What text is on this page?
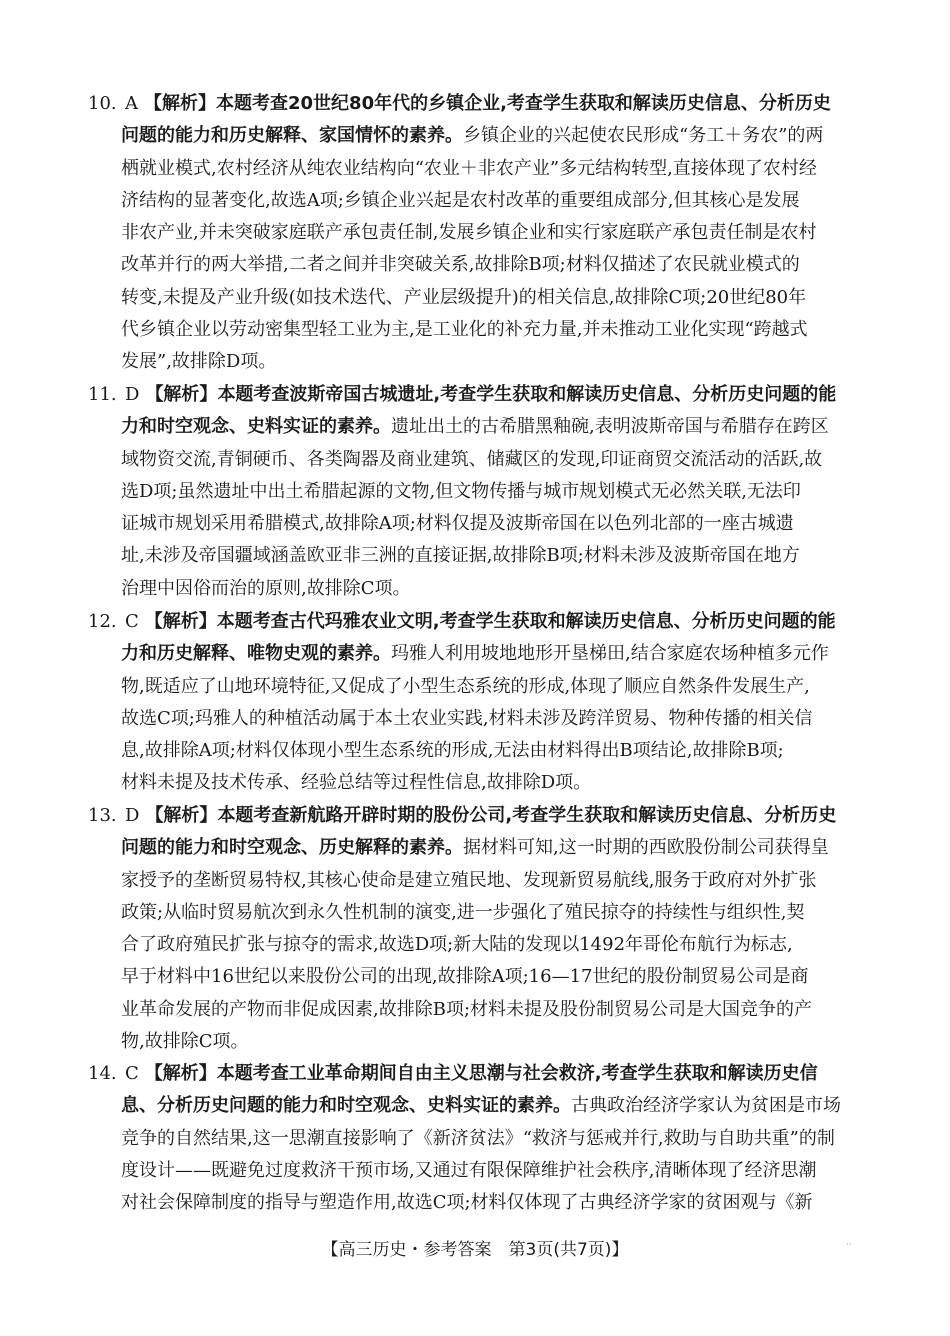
10. A 【解析】本题考查20世纪80年代的乡镇企业,考查学生获取和解读历史信息、分析历史
问题的能力和历史解释、家国情怀的素养。乡镇企业的兴起使农民形成“务工＋务农”的两
栖就业模式,农村经济从纯农业结构向“农业＋非农产业”多元结构转型,直接体现了农村经
济结构的显著变化,故选A项;乡镇企业兴起是农村改革的重要组成部分,但其核心是发展
非农产业,并未突破家庭联产承包责任制,发展乡镇企业和实行家庭联产承包责任制是农村
改革并行的两大举措,二者之间并非突破关系,故排除B项;材料仅描述了农民就业模式的
转变,未提及产业升级(如技术迭代、产业层级提升)的相关信息,故排除C项;20世纪80年
代乡镇企业以劳动密集型轻工业为主,是工业化的补充力量,并未推动工业化实现“跨越式
发展”,故排除D项。
11. D 【解析】本题考查波斯帝国古城遗址,考查学生获取和解读历史信息、分析历史问题的能
力和时空观念、史料实证的素养。遗址出土的古希腊黑釉碗,表明波斯帝国与希腊存在跨区
域物资交流,青铜硬币、各类陶器及商业建筑、储藏区的发现,印证商贸交流活动的活跃,故
选D项;虽然遗址中出土希腊起源的文物,但文物传播与城市规划模式无必然关联,无法印
证城市规划采用希腊模式,故排除A项;材料仅提及波斯帝国在以色列北部的一座古城遗
址,未涉及帝国疆域涵盖欧亚非三洲的直接证据,故排除B项;材料未涉及波斯帝国在地方
治理中因俗而治的原则,故排除C项。
12. C 【解析】本题考查古代玛雅农业文明,考查学生获取和解读历史信息、分析历史问题的能
力和历史解释、唯物史观的素养。玛雅人利用坡地地形开垦梯田,结合家庭农场种植多元作
物,既适应了山地环境特征,又促成了小型生态系统的形成,体现了顺应自然条件发展生产,
故选C项;玛雅人的种植活动属于本土农业实践,材料未涉及跨洋贸易、物种传播的相关信
息,故排除A项;材料仅体现小型生态系统的形成,无法由材料得出B项结论,故排除B项;
材料未提及技术传承、经验总结等过程性信息,故排除D项。
13. D 【解析】本题考查新航路开辟时期的股份公司,考查学生获取和解读历史信息、分析历史
问题的能力和时空观念、历史解释的素养。据材料可知,这一时期的西欧股份制公司获得皇
家授予的垄断贸易特权,其核心使命是建立殖民地、发现新贸易航线,服务于政府对外扩张
政策;从临时贸易航次到永久性机制的演变,进一步强化了殖民掠夺的持续性与组织性,契
合了政府殖民扩张与掠夺的需求,故选D项;新大陆的发现以1492年哥伦布航行为标志,
早于材料中16世纪以来股份公司的出现,故排除A项;16—17世纪的股份制贸易公司是商
业革命发展的产物而非促成因素,故排除B项;材料未提及股份制贸易公司是大国竞争的产
物,故排除C项。
14. C 【解析】本题考查工业革命期间自由主义思潮与社会救济,考查学生获取和解读历史信
息、分析历史问题的能力和时空观念、史料实证的素养。古典政治经济学家认为贫困是市场
竞争的自然结果,这一思潮直接影响了《新济贫法》“救济与惩戒并行,救助与自助共重”的制
度设计——既避免过度救济干预市场,又通过有限保障维护社会秩序,清晰体现了经济思潮
对社会保障制度的指导与塑造作用,故选C项;材料仅体现了古典经济学家的贫困观与《新
【高三历史・参考答案　第3页(共7页)】	··
